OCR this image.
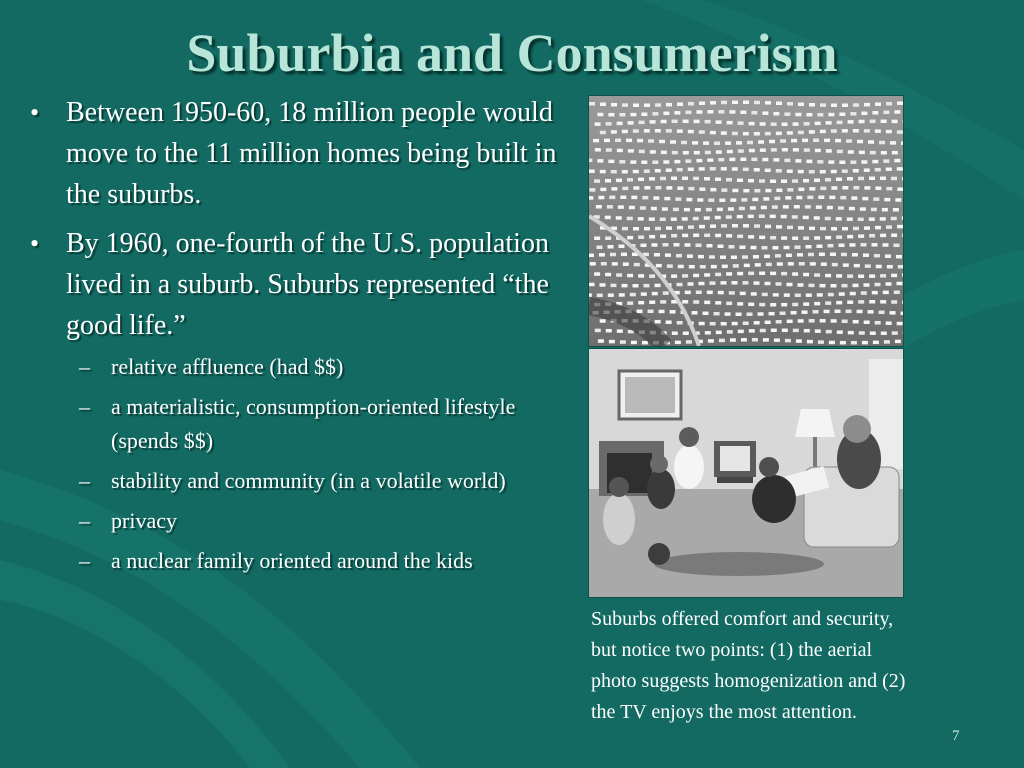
Suburbia and Consumerism
• Between 1950-60, 18 million people would move to the 11 million homes being built in the suburbs.
• By 1960, one-fourth of the U.S. population lived in a suburb. Suburbs represented “the good life.”
– relative affluence (had $$)
– a materialistic, consumption-oriented lifestyle (spends $$)
– stability and community (in a volatile world)
– privacy
– a nuclear family oriented around the kids
Suburbs offered comfort and security, but notice two points: (1) the aerial photo suggests homogenization and (2) the TV enjoys the most attention.
7
